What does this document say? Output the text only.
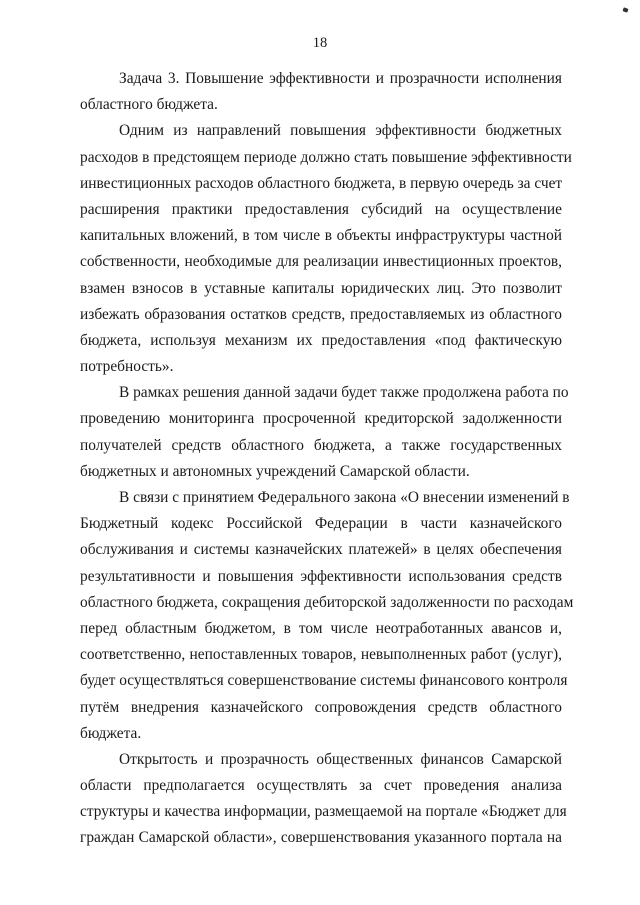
18
Задача 3. Повышение эффективности и прозрачности исполнения
областного бюджета.
Одним из направлений повышения эффективности бюджетных
расходов в предстоящем периоде должно стать повышение эффективности
инвестиционных расходов областного бюджета, в первую очередь за счет
расширения практики предоставления субсидий на осуществление
капитальных вложений, в том числе в объекты инфраструктуры частной
собственности, необходимые для реализации инвестиционных проектов,
взамен взносов в уставные капиталы юридических лиц. Это позволит
избежать образования остатков средств, предоставляемых из областного
бюджета, используя механизм их предоставления «под фактическую
потребность».
В рамках решения данной задачи будет также продолжена работа по
проведению мониторинга просроченной кредиторской задолженности
получателей средств областного бюджета, а также государственных
бюджетных и автономных учреждений Самарской области.
В связи с принятием Федерального закона «О внесении изменений в
Бюджетный кодекс Российской Федерации в части казначейского
обслуживания и системы казначейских платежей» в целях обеспечения
результативности и повышения эффективности использования средств
областного бюджета, сокращения дебиторской задолженности по расходам
перед областным бюджетом, в том числе неотработанных авансов и,
соответственно, непоставленных товаров, невыполненных работ (услуг),
будет осуществляться совершенствование системы финансового контроля
путём внедрения казначейского сопровождения средств областного
бюджета.
Открытость и прозрачность общественных финансов Самарской
области предполагается осуществлять за счет проведения анализа
структуры и качества информации, размещаемой на портале «Бюджет для
граждан Самарской области», совершенствования указанного портала на
